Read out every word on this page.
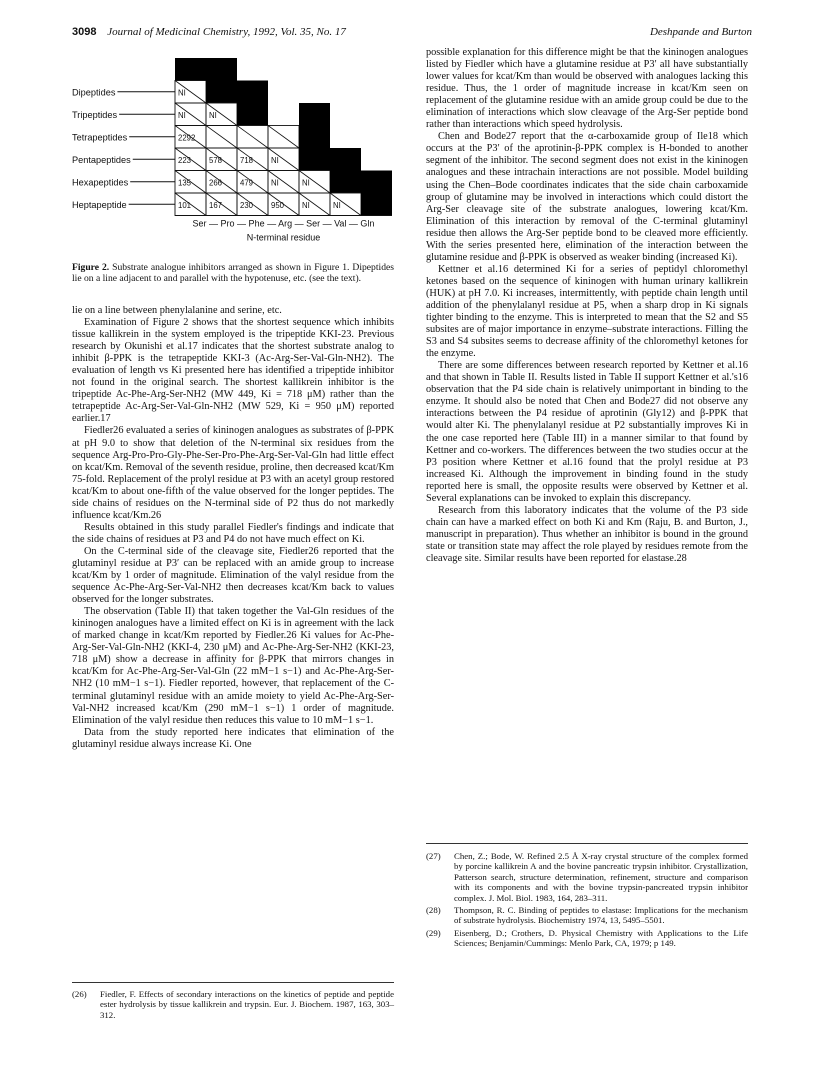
3098 Journal of Medicinal Chemistry, 1992, Vol. 35, No. 17	Deshpande and Burton
Dipeptides	NI
Tripeptides	NI	NI
Tetrapeptides	2292
Pentapeptides	223 578 718 NI
Hexapeptides	135 266 479 NI	NI
Heptapeptide	101 167 230 950 NI	NI
Ser — Pro — Phe — Arg — Ser — Val — Gln
N-terminal residue
Figure 2. Substrate analogue inhibitors arranged as shown in Figure 1. Dipeptides lie on a line adjacent to and parallel with the hypotenuse, etc. (see the text).

lie on a line between phenylalanine and serine, etc.

Examination of Figure 2 shows that the shortest sequence which inhibits tissue kallikrein in the system employed is the tripeptide KKI-23. Previous research by Okunishi et al.17 indicates that the shortest substrate analog to inhibit β-PPK is the tetrapeptide KKI-3 (Ac-Arg-Ser-Val-Gln-NH2). The evaluation of length vs Ki presented here has identified a tripeptide inhibitor not found in the original search. The shortest kallikrein inhibitor is the tripeptide Ac-Phe-Arg-Ser-NH2 (MW 449, Ki = 718 μM) rather than the tetrapeptide Ac-Arg-Ser-Val-Gln-NH2 (MW 529, Ki = 950 μM) reported earlier.17

Fiedler26 evaluated a series of kininogen analogues as substrates of β-PPK at pH 9.0 to show that deletion of the N-terminal six residues from the sequence Arg-Pro-Pro-Gly-Phe-Ser-Pro-Phe-Arg-Ser-Val-Gln had little effect on kcat/Km. Removal of the seventh residue, proline, then decreased kcat/Km 75-fold. Replacement of the prolyl residue at P3 with an acetyl group restored kcat/Km to about one-fifth of the value observed for the longer peptides. The side chains of residues on the N-terminal side of P2 thus do not markedly influence kcat/Km.26

Results obtained in this study parallel Fiedler's findings and indicate that the side chains of residues at P3 and P4 do not have much effect on Ki.

On the C-terminal side of the cleavage site, Fiedler26 reported that the glutaminyl residue at P3′ can be replaced with an amide group to increase kcat/Km by 1 order of magnitude. Elimination of the valyl residue from the sequence Ac-Phe-Arg-Ser-Val-NH2 then decreases kcat/Km back to values observed for the longer substrates.

The observation (Table II) that taken together the Val-Gln residues of the kininogen analogues have a limited effect on Ki is in agreement with the lack of marked change in kcat/Km reported by Fiedler.26 Ki values for Ac-Phe-Arg-Ser-Val-Gln-NH2 (KKI-4, 230 μM) and Ac-Phe-Arg-Ser-NH2 (KKI-23, 718 μM) show a decrease in affinity for β-PPK that mirrors changes in kcat/Km for Ac-Phe-Arg-Ser-Val-Gln (22 mM−1 s−1) and Ac-Phe-Arg-Ser-NH2 (10 mM−1 s−1). Fiedler reported, however, that replacement of the C-terminal glutaminyl residue with an amide moiety to yield Ac-Phe-Arg-Ser-Val-NH2 increased kcat/Km (290 mM−1 s−1) 1 order of magnitude. Elimination of the valyl residue then reduces this value to 10 mM−1 s−1.

Data from the study reported here indicates that elimination of the glutaminyl residue always increase Ki. One

possible explanation for this difference might be that the kininogen analogues listed by Fiedler which have a glutamine residue at P3′ all have substantially lower values for kcat/Km than would be observed with analogues lacking this residue. Thus, the 1 order of magnitude increase in kcat/Km seen on replacement of the glutamine residue with an amide group could be due to the elimination of interactions which slow cleavage of the Arg-Ser peptide bond rather than interactions which speed hydrolysis.

Chen and Bode27 report that the α-carboxamide group of Ile18 which occurs at the P3′ of the aprotinin-β-PPK complex is H-bonded to another segment of the inhibitor. The second segment does not exist in the kininogen analogues and these intrachain interactions are not possible. Model building using the Chen–Bode coordinates indicates that the side chain carboxamide group of glutamine may be involved in interactions which could distort the Arg-Ser cleavage site of the substrate analogues, lowering kcat/Km. Elimination of this interaction by removal of the C-terminal glutaminyl residue then allows the Arg-Ser peptide bond to be cleaved more efficiently. With the series presented here, elimination of the interaction between the glutamine residue and β-PPK is observed as weaker binding (increased Ki).

Kettner et al.16 determined Ki for a series of peptidyl chloromethyl ketones based on the sequence of kininogen with human urinary kallikrein (HUK) at pH 7.0. Ki increases, intermittently, with peptide chain length until addition of the phenylalanyl residue at P5, when a sharp drop in Ki signals tighter binding to the enzyme. This is interpreted to mean that the S2 and S5 subsites are of major importance in enzyme–substrate interactions. Filling the S3 and S4 subsites seems to decrease affinity of the chloromethyl ketones for the enzyme.

There are some differences between research reported by Kettner et al.16 and that shown in Table II. Results listed in Table II support Kettner et al.'s16 observation that the P4 side chain is relatively unimportant in binding to the enzyme. It should also be noted that Chen and Bode27 did not observe any interactions between the P4 residue of aprotinin (Gly12) and β-PPK that would alter Ki. The phenylalanyl residue at P2 substantially improves Ki in the one case reported here (Table III) in a manner similar to that found by Kettner and co-workers. The differences between the two studies occur at the P3 position where Kettner et al.16 found that the prolyl residue at P3 increased Ki. Although the improvement in binding found in the study reported here is small, the opposite results were observed by Kettner et al. Several explanations can be invoked to explain this discrepancy.

Research from this laboratory indicates that the volume of the P3 side chain can have a marked effect on both Ki and Km (Raju, B. and Burton, J., manuscript in preparation). Thus whether an inhibitor is bound in the ground state or transition state may affect the role played by residues remote from the cleavage site. Similar results have been reported for elastase.28

(26) Fiedler, F. Effects of secondary interactions on the kinetics of peptide and peptide ester hydrolysis by tissue kallikrein and trypsin. Eur. J. Biochem. 1987, 163, 303–312.
(27) Chen, Z.; Bode, W. Refined 2.5 Å X-ray crystal structure of the complex formed by porcine kallikrein A and the bovine pancreatic trypsin inhibitor. Crystallization, Patterson search, structure determination, refinement, structure and comparison with its components and with the bovine trypsin-pancreated trypsin inhibitor complex. J. Mol. Biol. 1983, 164, 283–311.
(28) Thompson, R. C. Binding of peptides to elastase: Implications for the mechanism of substrate hydrolysis. Biochemistry 1974, 13, 5495–5501.
(29) Eisenberg, D.; Crothers, D. Physical Chemistry with Applications to the Life Sciences; Benjamin/Cummings: Menlo Park, CA, 1979; p 149.
